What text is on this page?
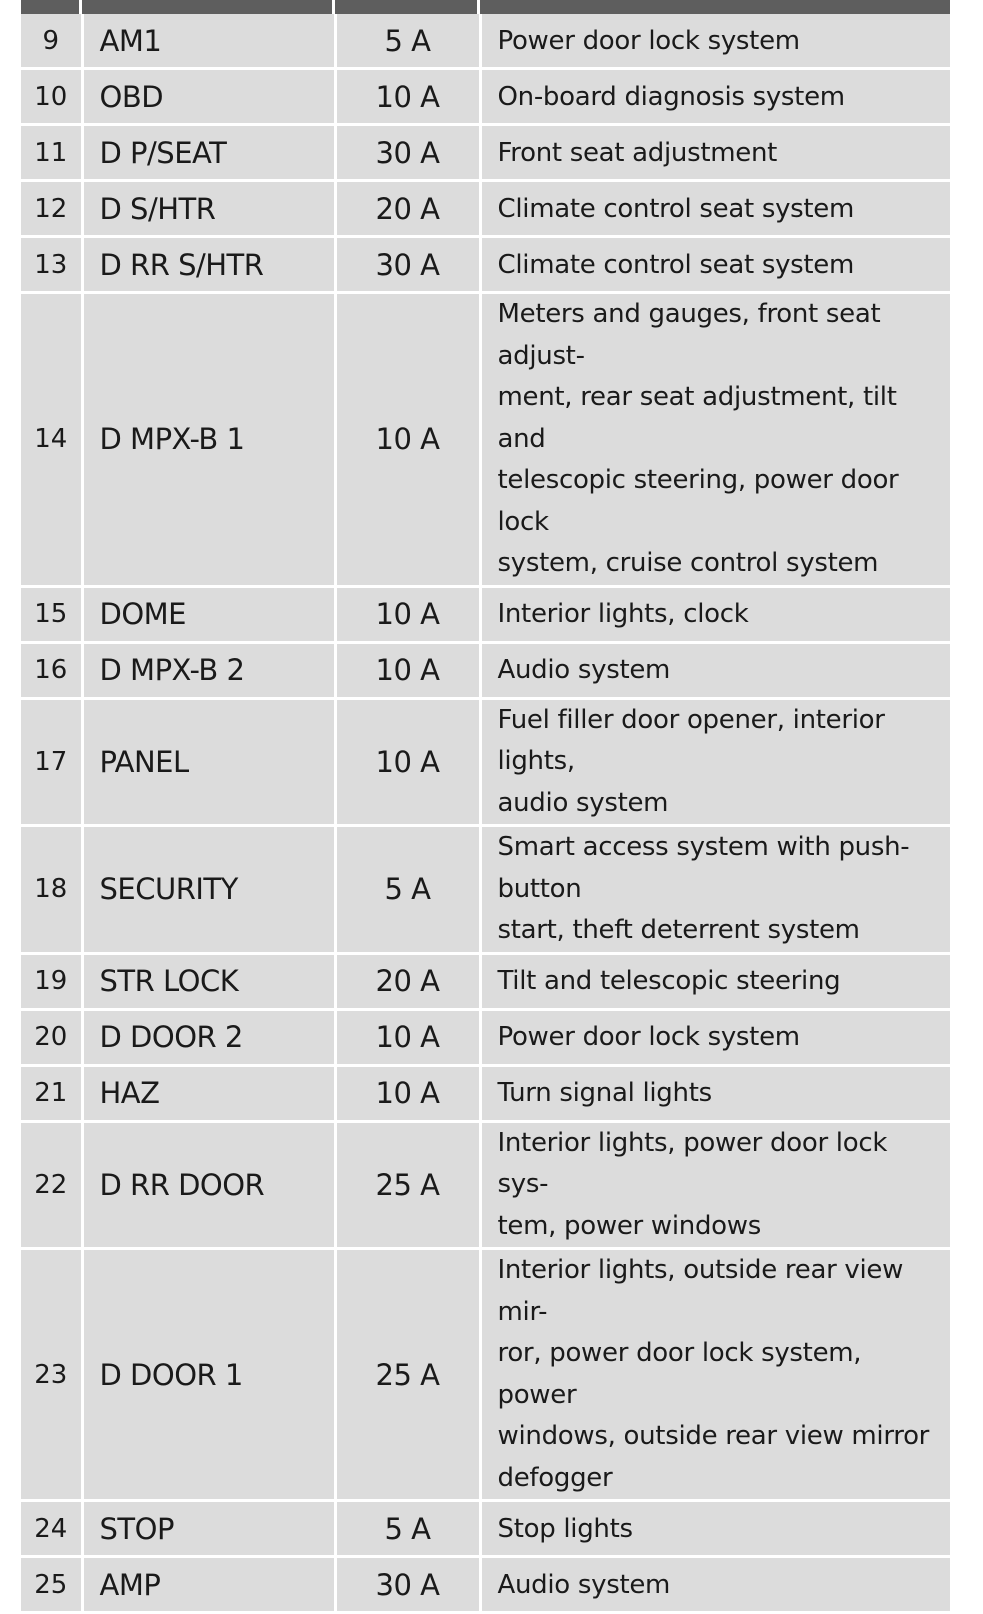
9	AM1	5 A	Power door lock system

10	OBD	10 A	On-board diagnosis system

11	D P/SEAT	30 A	Front seat adjustment

12	D S/HTR	20 A	Climate control seat system

13	D RR S/HTR	30 A	Climate control seat system

14	D MPX-B 1	10 A	Meters and gauges, front seat adjust-
ment, rear seat adjustment, tilt and
telescopic steering, power door lock
system, cruise control system

15	DOME	10 A	Interior lights, clock

16	D MPX-B 2	10 A	Audio system

17	PANEL	10 A	Fuel filler door opener, interior lights,
audio system

18	SECURITY	5 A	Smart access system with push-button
start, theft deterrent system

19	STR LOCK	20 A	Tilt and telescopic steering

20	D DOOR 2	10 A	Power door lock system

21	HAZ	10 A	Turn signal lights

22	D RR DOOR	25 A	Interior lights, power door lock sys-
tem, power windows

23	D DOOR 1	25 A	Interior lights, outside rear view mir-
ror, power door lock system, power
windows, outside rear view mirror
defogger

24	STOP	5 A	Stop lights

25	AMP	30 A	Audio system
